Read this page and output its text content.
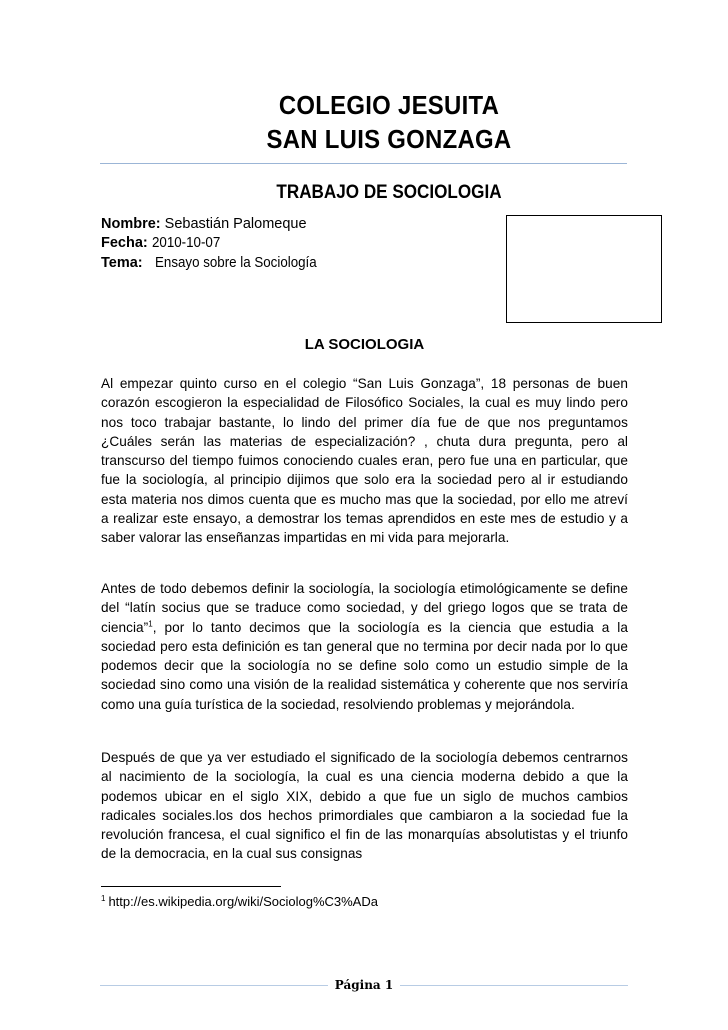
COLEGIO JESUITA
SAN LUIS GONZAGA
TRABAJO DE SOCIOLOGIA
Nombre: Sebastián Palomeque
Fecha: 2010-10-07
Tema: Ensayo sobre la Sociología
LA SOCIOLOGIA
Al empezar quinto curso en el colegio “San Luis Gonzaga”, 18 personas de buen corazón escogieron la especialidad de Filosófico Sociales, la cual es muy lindo pero nos toco trabajar bastante, lo lindo del primer día fue de que nos preguntamos ¿Cuáles serán las materias de especialización? , chuta dura pregunta, pero al transcurso del tiempo fuimos conociendo cuales eran, pero fue una en particular, que fue la sociología, al principio dijimos que solo era la sociedad pero al ir estudiando esta materia nos dimos cuenta que es mucho mas que la sociedad, por ello me atreví a realizar este ensayo, a demostrar los temas aprendidos en este mes de estudio y a saber valorar las enseñanzas impartidas en mi vida para mejorarla.
Antes de todo debemos definir la sociología, la sociología etimológicamente se define del “latín socius que se traduce como sociedad, y del griego logos que se trata de ciencia”$^1$, por lo tanto decimos que la sociología es la ciencia que estudia a la sociedad pero esta definición es tan general que no termina por decir nada por lo que podemos decir que la sociología no se define solo como un estudio simple de la sociedad sino como una visión de la realidad sistemática y coherente que nos serviría como una guía turística de la sociedad, resolviendo problemas y mejorándola.
Después de que ya ver estudiado el significado de la sociología debemos centrarnos al nacimiento de la sociología, la cual es una ciencia moderna debido a que la podemos ubicar en el siglo XIX, debido a que fue un siglo de muchos cambios radicales sociales.los dos hechos primordiales que cambiaron a la sociedad fue la revolución francesa, el cual significo el fin de las monarquías absolutistas y el triunfo de la democracia, en la cual sus consignas
$^1$ http://es.wikipedia.org/wiki/Sociolog%C3%ADa
Página 1
